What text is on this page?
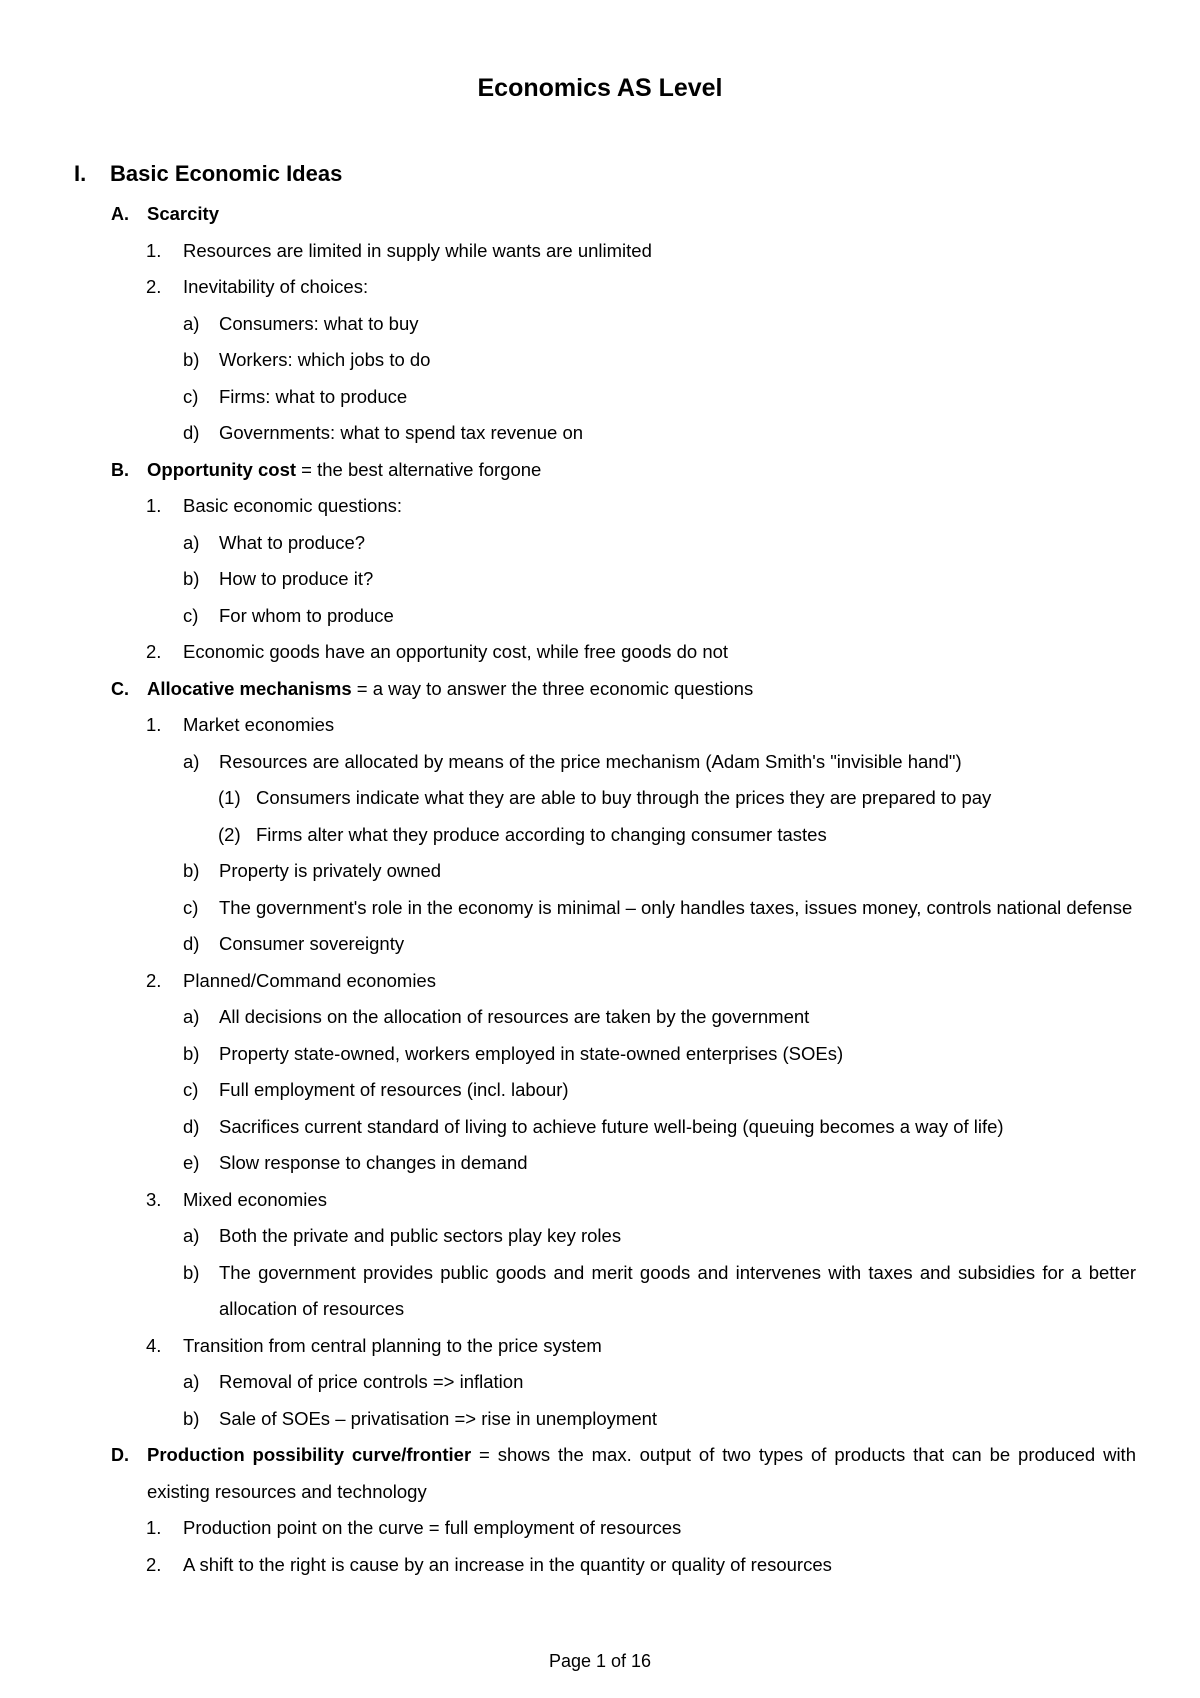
Economics AS Level
I. Basic Economic Ideas
A. Scarcity
1. Resources are limited in supply while wants are unlimited
2. Inevitability of choices:
a) Consumers: what to buy
b) Workers: which jobs to do
c) Firms: what to produce
d) Governments: what to spend tax revenue on
B. Opportunity cost = the best alternative forgone
1. Basic economic questions:
a) What to produce?
b) How to produce it?
c) For whom to produce
2. Economic goods have an opportunity cost, while free goods do not
C. Allocative mechanisms = a way to answer the three economic questions
1. Market economies
a) Resources are allocated by means of the price mechanism (Adam Smith's "invisible hand")
(1) Consumers indicate what they are able to buy through the prices they are prepared to pay
(2) Firms alter what they produce according to changing consumer tastes
b) Property is privately owned
c) The government's role in the economy is minimal – only handles taxes, issues money, controls national defense
d) Consumer sovereignty
2. Planned/Command economies
a) All decisions on the allocation of resources are taken by the government
b) Property state-owned, workers employed in state-owned enterprises (SOEs)
c) Full employment of resources (incl. labour)
d) Sacrifices current standard of living to achieve future well-being (queuing becomes a way of life)
e) Slow response to changes in demand
3. Mixed economies
a) Both the private and public sectors play key roles
b) The government provides public goods and merit goods and intervenes with taxes and subsidies for a better allocation of resources
4. Transition from central planning to the price system
a) Removal of price controls => inflation
b) Sale of SOEs – privatisation => rise in unemployment
D. Production possibility curve/frontier = shows the max. output of two types of products that can be produced with existing resources and technology
1. Production point on the curve = full employment of resources
2. A shift to the right is cause by an increase in the quantity or quality of resources
Page 1 of 16
